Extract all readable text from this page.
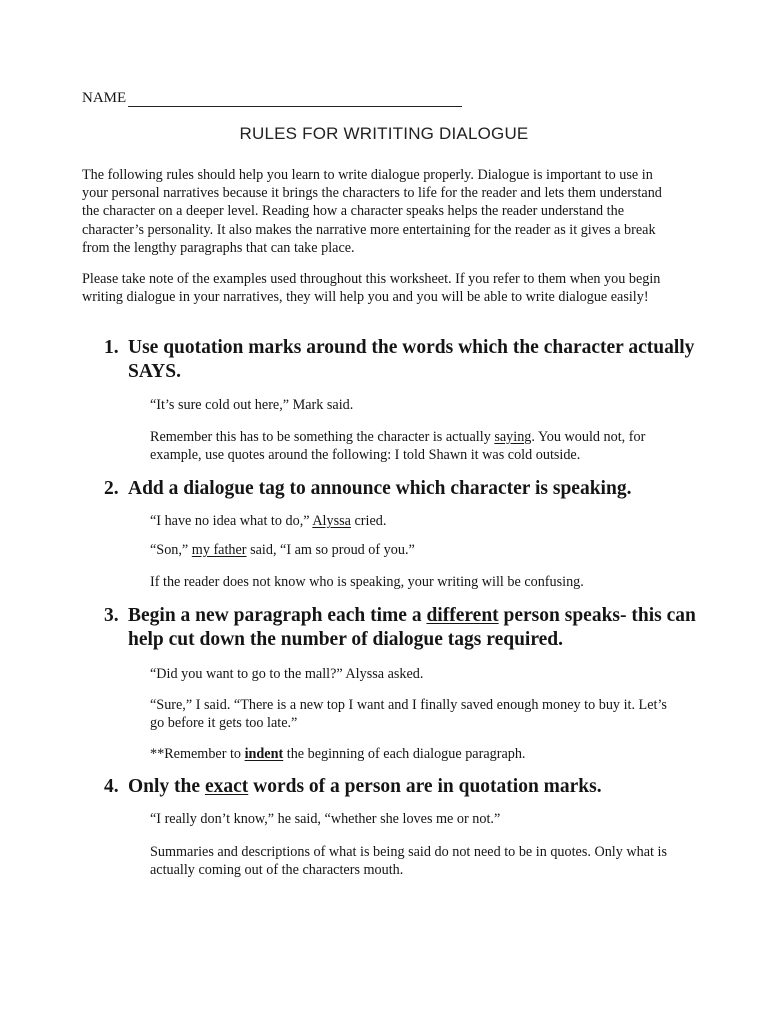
NAME
RULES FOR WRITITING DIALOGUE

The following rules should help you learn to write dialogue properly. Dialogue is important to use in your personal narratives because it brings the characters to life for the reader and lets them understand the character on a deeper level. Reading how a character speaks helps the reader understand the character’s personality. It also makes the narrative more entertaining for the reader as it gives a break from the lengthy paragraphs that can take place.

Please take note of the examples used throughout this worksheet. If you refer to them when you begin writing dialogue in your narratives, they will help you and you will be able to write dialogue easily!

1. Use quotation marks around the words which the character actually SAYS.

“It’s sure cold out here,” Mark said.

Remember this has to be something the character is actually saying. You would not, for example, use quotes around the following: I told Shawn it was cold outside.

2. Add a dialogue tag to announce which character is speaking.

“I have no idea what to do,” Alyssa cried.

“Son,” my father said, “I am so proud of you.”

If the reader does not know who is speaking, your writing will be confusing.

3. Begin a new paragraph each time a different person speaks- this can help cut down the number of dialogue tags required.

“Did you want to go to the mall?” Alyssa asked.

“Sure,” I said. “There is a new top I want and I finally saved enough money to buy it. Let’s go before it gets too late.”

**Remember to indent the beginning of each dialogue paragraph.

4. Only the exact words of a person are in quotation marks.

“I really don’t know,” he said, “whether she loves me or not.”

Summaries and descriptions of what is being said do not need to be in quotes. Only what is actually coming out of the characters mouth.
